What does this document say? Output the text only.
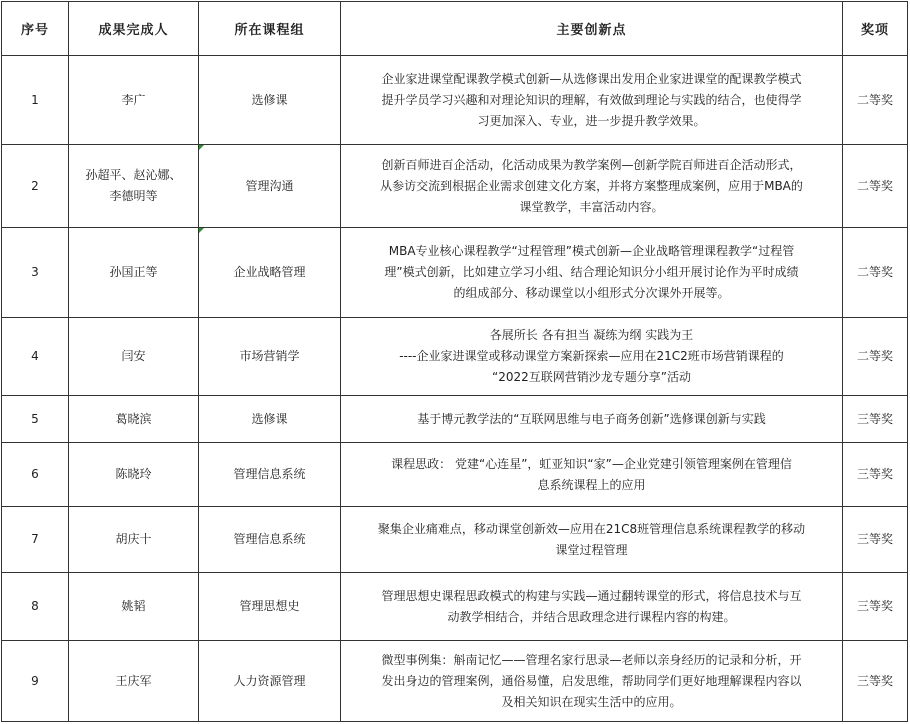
序号	成果完成人	所在课程组	主要创新点	奖项
1	李广	选修课	企业家进课堂配课教学模式创新—从选修课出发用企业家进课堂的配课教学模式
提升学员学习兴趣和对理论知识的理解，有效做到理论与实践的结合，也使得学
习更加深入、专业，进一步提升教学效果。	二等奖
2	孙超平、赵沁娜、
李德明等	管理沟通	创新百师进百企活动，化活动成果为教学案例—创新学院百师进百企活动形式，
从参访交流到根据企业需求创建文化方案，并将方案整理成案例，应用于MBA的
课堂教学，丰富活动内容。	二等奖
3	孙国正等	企业战略管理	MBA专业核心课程教学“过程管理”模式创新—企业战略管理课程教学“过程管
理”模式创新，比如建立学习小组、结合理论知识分小组开展讨论作为平时成绩
的组成部分、移动课堂以小组形式分次课外开展等。	二等奖
4	闫安	市场营销学	各展所长 各有担当 凝练为纲 实践为王
----企业家进课堂或移动课堂方案新探索—应用在21C2班市场营销课程的
“2022互联网营销沙龙专题分享”活动	二等奖
5	葛晓滨	选修课	基于博元教学法的“互联网思维与电子商务创新”选修课创新与实践	三等奖
6	陈晓玲	管理信息系统	课程思政： 党建“心连星”，虹亚知识“家”—企业党建引领管理案例在管理信
息系统课程上的应用	三等奖
7	胡庆十	管理信息系统	聚集企业痛难点，移动课堂创新效—应用在21C8班管理信息系统课程教学的移动
课堂过程管理	三等奖
8	姚韬	管理思想史	管理思想史课程思政模式的构建与实践—通过翻转课堂的形式，将信息技术与互
动教学相结合，并结合思政理念进行课程内容的构建。	三等奖
9	王庆军	人力资源管理	微型事例集：斛南记忆——管理名家行思录—老师以亲身经历的记录和分析，开
发出身边的管理案例，通俗易懂，启发思维，帮助同学们更好地理解课程内容以
及相关知识在现实生活中的应用。	三等奖
